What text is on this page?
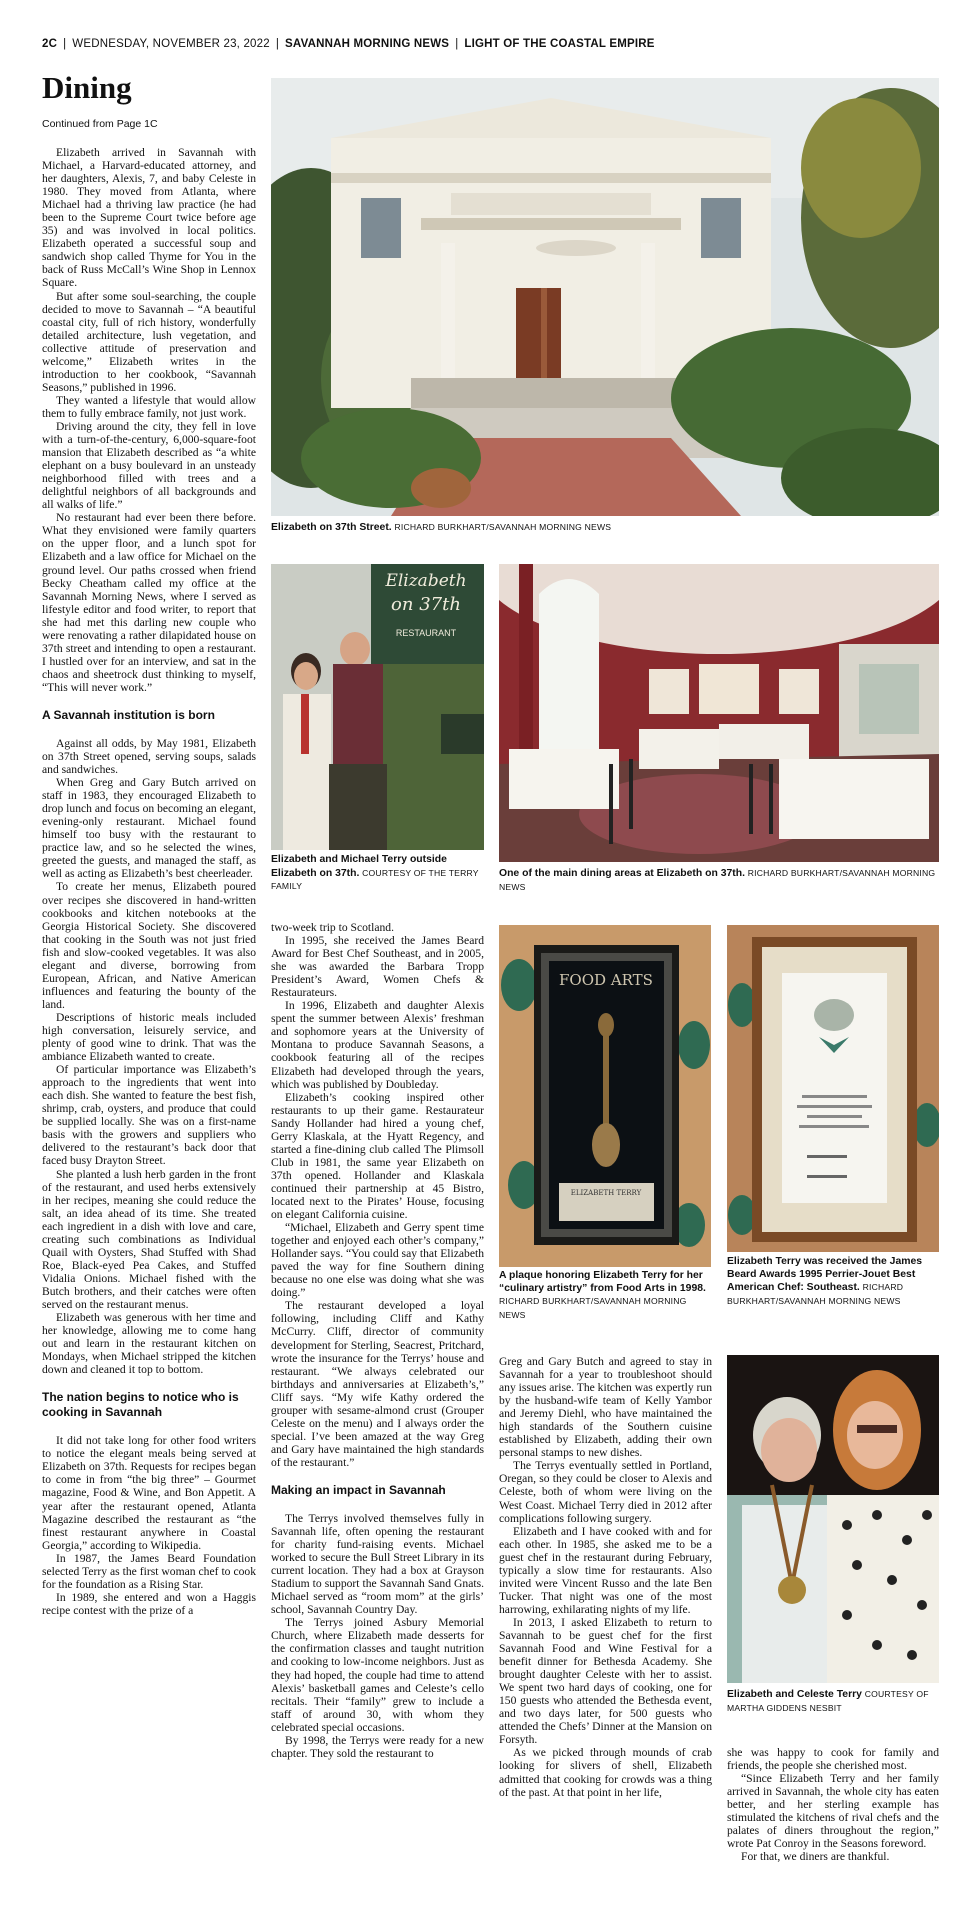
2C | WEDNESDAY, NOVEMBER 23, 2022 | SAVANNAH MORNING NEWS | LIGHT OF THE COASTAL EMPIRE
Dining
Continued from Page 1C

Elizabeth arrived in Savannah with Michael, a Harvard-educated attorney, and her daughters, Alexis, 7, and baby Celeste in 1980. They moved from Atlanta, where Michael had a thriving law practice (he had been to the Supreme Court twice before age 35) and was involved in local politics. Elizabeth operated a successful soup and sandwich shop called Thyme for You in the back of Russ McCall’s Wine Shop in Lennox Square.

But after some soul-searching, the couple decided to move to Savannah – “A beautiful coastal city, full of rich history, wonderfully detailed architecture, lush vegetation, and collective attitude of preservation and welcome,” Elizabeth writes in the introduction to her cookbook, “Savannah Seasons,” published in 1996.

They wanted a lifestyle that would allow them to fully embrace family, not just work.

Driving around the city, they fell in love with a turn-of-the-century, 6,000-square-foot mansion that Elizabeth described as “a white elephant on a busy boulevard in an unsteady neighborhood filled with trees and a delightful neighbors of all backgrounds and all walks of life.”

No restaurant had ever been there before. What they envisioned were family quarters on the upper floor, and a lunch spot for Elizabeth and a law office for Michael on the ground level. Our paths crossed when friend Becky Cheatham called my office at the Savannah Morning News, where I served as lifestyle editor and food writer, to report that she had met this darling new couple who were renovating a rather dilapidated house on 37th street and intending to open a restaurant. I hustled over for an interview, and sat in the chaos and sheetrock dust thinking to myself, “This will never work.”

A Savannah institution is born

Against all odds, by May 1981, Elizabeth on 37th Street opened, serving soups, salads and sandwiches.

When Greg and Gary Butch arrived on staff in 1983, they encouraged Elizabeth to drop lunch and focus on becoming an elegant, evening-only restaurant. Michael found himself too busy with the restaurant to practice law, and so he selected the wines, greeted the guests, and managed the staff, as well as acting as Elizabeth’s best cheerleader.

To create her menus, Elizabeth poured over recipes she discovered in hand-written cookbooks and kitchen notebooks at the Georgia Historical Society. She discovered that cooking in the South was not just fried fish and slow-cooked vegetables. It was also elegant and diverse, borrowing from European, African, and Native American influences and featuring the bounty of the land.

Descriptions of historic meals included high conversation, leisurely service, and plenty of good wine to drink. That was the ambiance Elizabeth wanted to create.

Of particular importance was Elizabeth’s approach to the ingredients that went into each dish. She wanted to feature the best fish, shrimp, crab, oysters, and produce that could be supplied locally. She was on a first-name basis with the growers and suppliers who delivered to the restaurant’s back door that faced busy Drayton Street.

She planted a lush herb garden in the front of the restaurant, and used herbs extensively in her recipes, meaning she could reduce the salt, an idea ahead of its time. She treated each ingredient in a dish with love and care, creating such combinations as Individual Quail with Oysters, Shad Stuffed with Shad Roe, Black-eyed Pea Cakes, and Stuffed Vidalia Onions. Michael fished with the Butch brothers, and their catches were often served on the restaurant menus.

Elizabeth was generous with her time and her knowledge, allowing me to come hang out and learn in the restaurant kitchen on Mondays, when Michael stripped the kitchen down and cleaned it top to bottom.

The nation begins to notice who is cooking in Savannah

It did not take long for other food writers to notice the elegant meals being served at Elizabeth on 37th. Requests for recipes began to come in from “the big three” – Gourmet magazine, Food & Wine, and Bon Appetit. A year after the restaurant opened, Atlanta Magazine described the restaurant as “the finest restaurant anywhere in Coastal Georgia,” according to Wikipedia.

In 1987, the James Beard Foundation selected Terry as the first woman chef to cook for the foundation as a Rising Star.

In 1989, she entered and won a Haggis recipe contest with the prize of a

Elizabeth on 37th Street. RICHARD BURKHART/SAVANNAH MORNING NEWS
Elizabeth
on 37th
RESTAURANT
Elizabeth and Michael Terry outside Elizabeth on 37th. COURTESY OF THE TERRY FAMILY
One of the main dining areas at Elizabeth on 37th. RICHARD BURKHART/SAVANNAH MORNING NEWS

two-week trip to Scotland.

In 1995, she received the James Beard Award for Best Chef Southeast, and in 2005, she was awarded the Barbara Tropp President’s Award, Women Chefs & Restaurateurs.

In 1996, Elizabeth and daughter Alexis spent the summer between Alexis’ freshman and sophomore years at the University of Montana to produce Savannah Seasons, a cookbook featuring all of the recipes Elizabeth had developed through the years, which was published by Doubleday.

Elizabeth’s cooking inspired other restaurants to up their game. Restaurateur Sandy Hollander had hired a young chef, Gerry Klaskala, at the Hyatt Regency, and started a fine-dining club called The Plimsoll Club in 1981, the same year Elizabeth on 37th opened. Hollander and Klaskala continued their partnership at 45 Bistro, located next to the Pirates’ House, focusing on elegant California cuisine.

“Michael, Elizabeth and Gerry spent time together and enjoyed each other’s company,” Hollander says. “You could say that Elizabeth paved the way for fine Southern dining because no one else was doing what she was doing.”

The restaurant developed a loyal following, including Cliff and Kathy McCurry. Cliff, director of community development for Sterling, Seacrest, Pritchard, wrote the insurance for the Terrys’ house and restaurant. “We always celebrated our birthdays and anniversaries at Elizabeth’s,” Cliff says. “My wife Kathy ordered the grouper with sesame-almond crust (Grouper Celeste on the menu) and I always order the special. I’ve been amazed at the way Greg and Gary have maintained the high standards of the restaurant.”

Making an impact in Savannah

The Terrys involved themselves fully in Savannah life, often opening the restaurant for charity fund-raising events. Michael worked to secure the Bull Street Library in its current location. They had a box at Grayson Stadium to support the Savannah Sand Gnats. Michael served as “room mom” at the girls’ school, Savannah Country Day.

The Terrys joined Asbury Memorial Church, where Elizabeth made desserts for the confirmation classes and taught nutrition and cooking to low-income neighbors. Just as they had hoped, the couple had time to attend Alexis’ basketball games and Celeste’s cello recitals. Their “family” grew to include a staff of around 30, with whom they celebrated special occasions.

By 1998, the Terrys were ready for a new chapter. They sold the restaurant to

FOOD ARTS
ELIZABETH TERRY
A plaque honoring Elizabeth Terry for her “culinary artistry” from Food Arts in 1998. RICHARD BURKHART/SAVANNAH MORNING NEWS
Elizabeth Terry was received the James Beard Awards 1995 Perrier-Jouet Best American Chef: Southeast. RICHARD BURKHART/SAVANNAH MORNING NEWS

Greg and Gary Butch and agreed to stay in Savannah for a year to troubleshoot should any issues arise. The kitchen was expertly run by the husband-wife team of Kelly Yambor and Jeremy Diehl, who have maintained the high standards of the Southern cuisine established by Elizabeth, adding their own personal stamps to new dishes.

The Terrys eventually settled in Portland, Oregan, so they could be closer to Alexis and Celeste, both of whom were living on the West Coast. Michael Terry died in 2012 after complications following surgery.

Elizabeth and I have cooked with and for each other. In 1985, she asked me to be a guest chef in the restaurant during February, typically a slow time for restaurants. Also invited were Vincent Russo and the late Ben Tucker. That night was one of the most harrowing, exhilarating nights of my life.

In 2013, I asked Elizabeth to return to Savannah to be guest chef for the first Savannah Food and Wine Festival for a benefit dinner for Bethesda Academy. She brought daughter Celeste with her to assist. We spent two hard days of cooking, one for 150 guests who attended the Bethesda event, and two days later, for 500 guests who attended the Chefs’ Dinner at the Mansion on Forsyth.

As we picked through mounds of crab looking for slivers of shell, Elizabeth admitted that cooking for crowds was a thing of the past. At that point in her life,

Elizabeth and Celeste Terry COURTESY OF MARTHA GIDDENS NESBIT

she was happy to cook for family and friends, the people she cherished most.

“Since Elizabeth Terry and her family arrived in Savannah, the whole city has eaten better, and her sterling example has stimulated the kitchens of rival chefs and the palates of diners throughout the region,” wrote Pat Conroy in the Seasons foreword.

For that, we diners are thankful.
